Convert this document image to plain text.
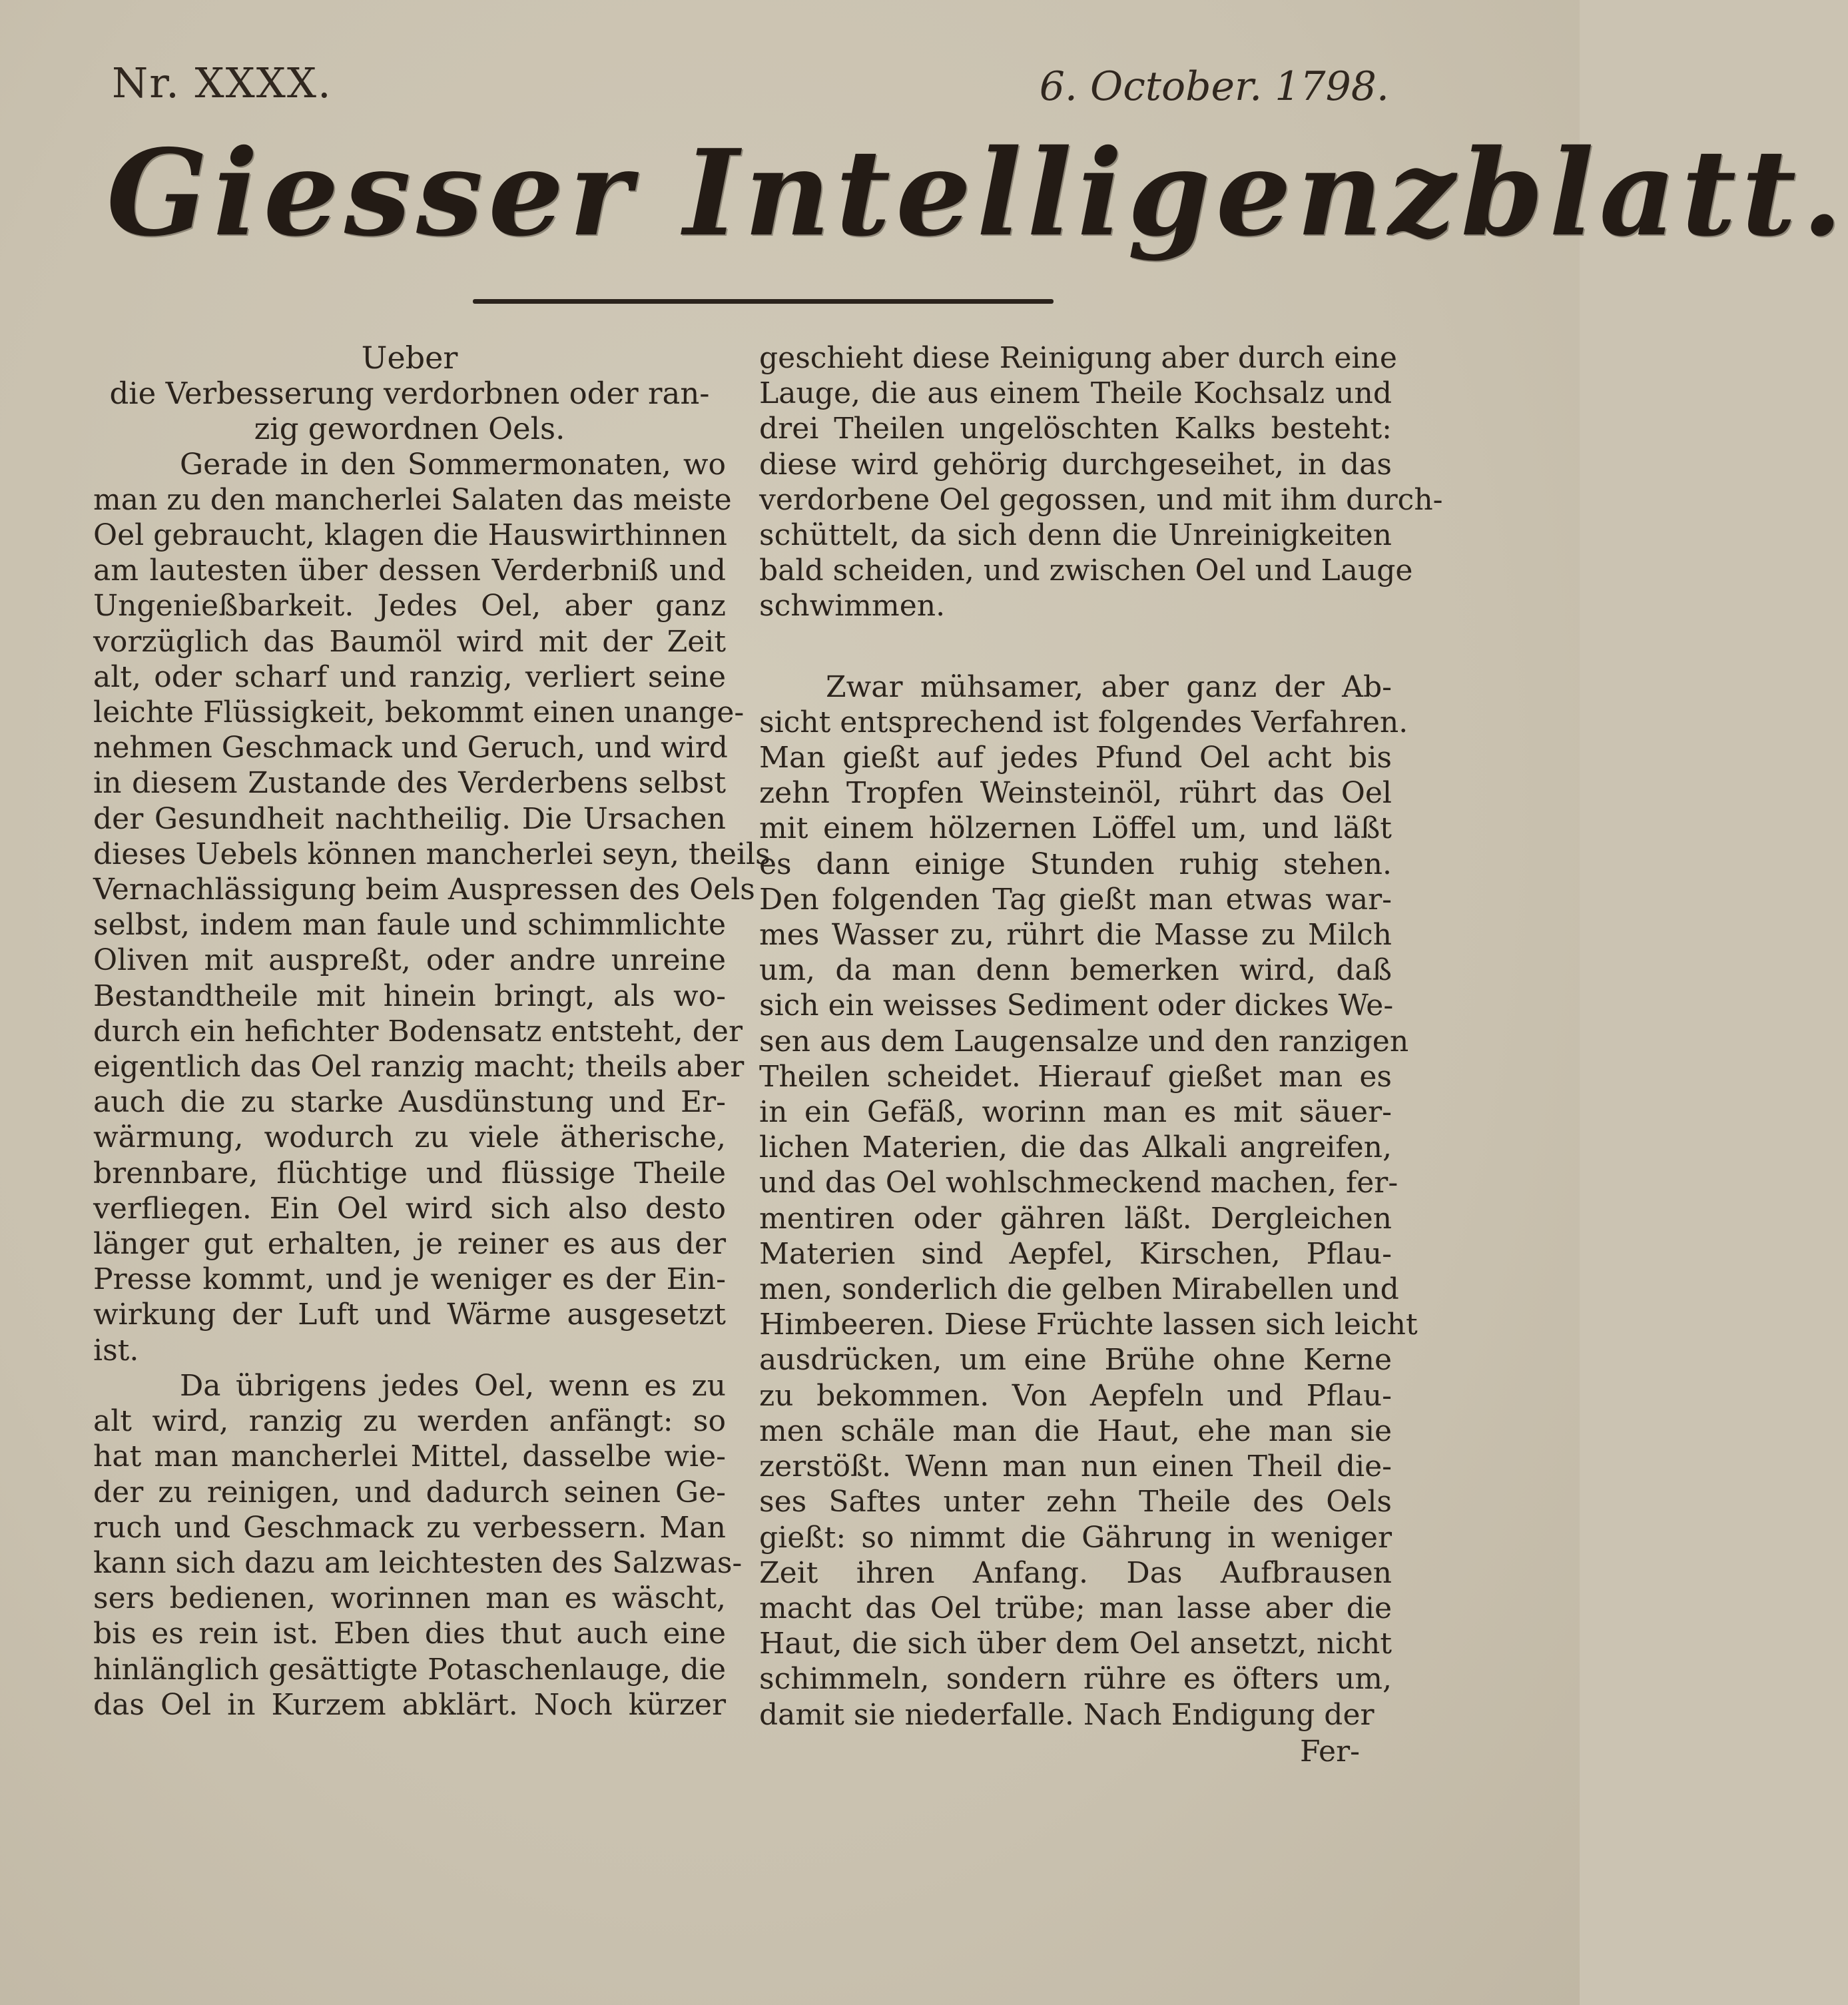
Nr. XXXX.	6. October. 1798.
Giesser Intelligenzblatt.
Ueber
die Verbesserung verdorbnen oder ran-
zig gewordnen Oels.
Gerade in den Sommermonaten, wo
man zu den mancherlei Salaten das meiste
Oel gebraucht, klagen die Hauswirthinnen
am lautesten über dessen Verderbniß und
Ungenießbarkeit. Jedes Oel, aber ganz
vorzüglich das Baumöl wird mit der Zeit
alt, oder scharf und ranzig, verliert seine
leichte Flüssigkeit, bekommt einen unange-
nehmen Geschmack und Geruch, und wird
in diesem Zustande des Verderbens selbst
der Gesundheit nachtheilig. Die Ursachen
dieses Uebels können mancherlei seyn, theils
Vernachlässigung beim Auspressen des Oels
selbst, indem man faule und schimmlichte
Oliven mit auspreßt, oder andre unreine
Bestandtheile mit hinein bringt, als wo-
durch ein hefichter Bodensatz entsteht, der
eigentlich das Oel ranzig macht; theils aber
auch die zu starke Ausdünstung und Er-
wärmung, wodurch zu viele ätherische,
brennbare, flüchtige und flüssige Theile
verfliegen. Ein Oel wird sich also desto
länger gut erhalten, je reiner es aus der
Presse kommt, und je weniger es der Ein-
wirkung der Luft und Wärme ausgesetzt
ist.
Da übrigens jedes Oel, wenn es zu
alt wird, ranzig zu werden anfängt: so
hat man mancherlei Mittel, dasselbe wie-
der zu reinigen, und dadurch seinen Ge-
ruch und Geschmack zu verbessern. Man
kann sich dazu am leichtesten des Salzwas-
sers bedienen, worinnen man es wäscht,
bis es rein ist. Eben dies thut auch eine
hinlänglich gesättigte Potaschenlauge, die
das Oel in Kurzem abklärt. Noch kürzer
geschieht diese Reinigung aber durch eine
Lauge, die aus einem Theile Kochsalz und
drei Theilen ungelöschten Kalks besteht:
diese wird gehörig durchgeseihet, in das
verdorbene Oel gegossen, und mit ihm durch-
schüttelt, da sich denn die Unreinigkeiten
bald scheiden, und zwischen Oel und Lauge
schwimmen.
Zwar mühsamer, aber ganz der Ab-
sicht entsprechend ist folgendes Verfahren.
Man gießt auf jedes Pfund Oel acht bis
zehn Tropfen Weinsteinöl, rührt das Oel
mit einem hölzernen Löffel um, und läßt
es dann einige Stunden ruhig stehen.
Den folgenden Tag gießt man etwas war-
mes Wasser zu, rührt die Masse zu Milch
um, da man denn bemerken wird, daß
sich ein weisses Sediment oder dickes We-
sen aus dem Laugensalze und den ranzigen
Theilen scheidet. Hierauf gießet man es
in ein Gefäß, worinn man es mit säuer-
lichen Materien, die das Alkali angreifen,
und das Oel wohlschmeckend machen, fer-
mentiren oder gähren läßt. Dergleichen
Materien sind Aepfel, Kirschen, Pflau-
men, sonderlich die gelben Mirabellen und
Himbeeren. Diese Früchte lassen sich leicht
ausdrücken, um eine Brühe ohne Kerne
zu bekommen. Von Aepfeln und Pflau-
men schäle man die Haut, ehe man sie
zerstößt. Wenn man nun einen Theil die-
ses Saftes unter zehn Theile des Oels
gießt: so nimmt die Gährung in weniger
Zeit ihren Anfang. Das Aufbrausen
macht das Oel trübe; man lasse aber die
Haut, die sich über dem Oel ansetzt, nicht
schimmeln, sondern rühre es öfters um,
damit sie niederfalle. Nach Endigung der
Fer-
